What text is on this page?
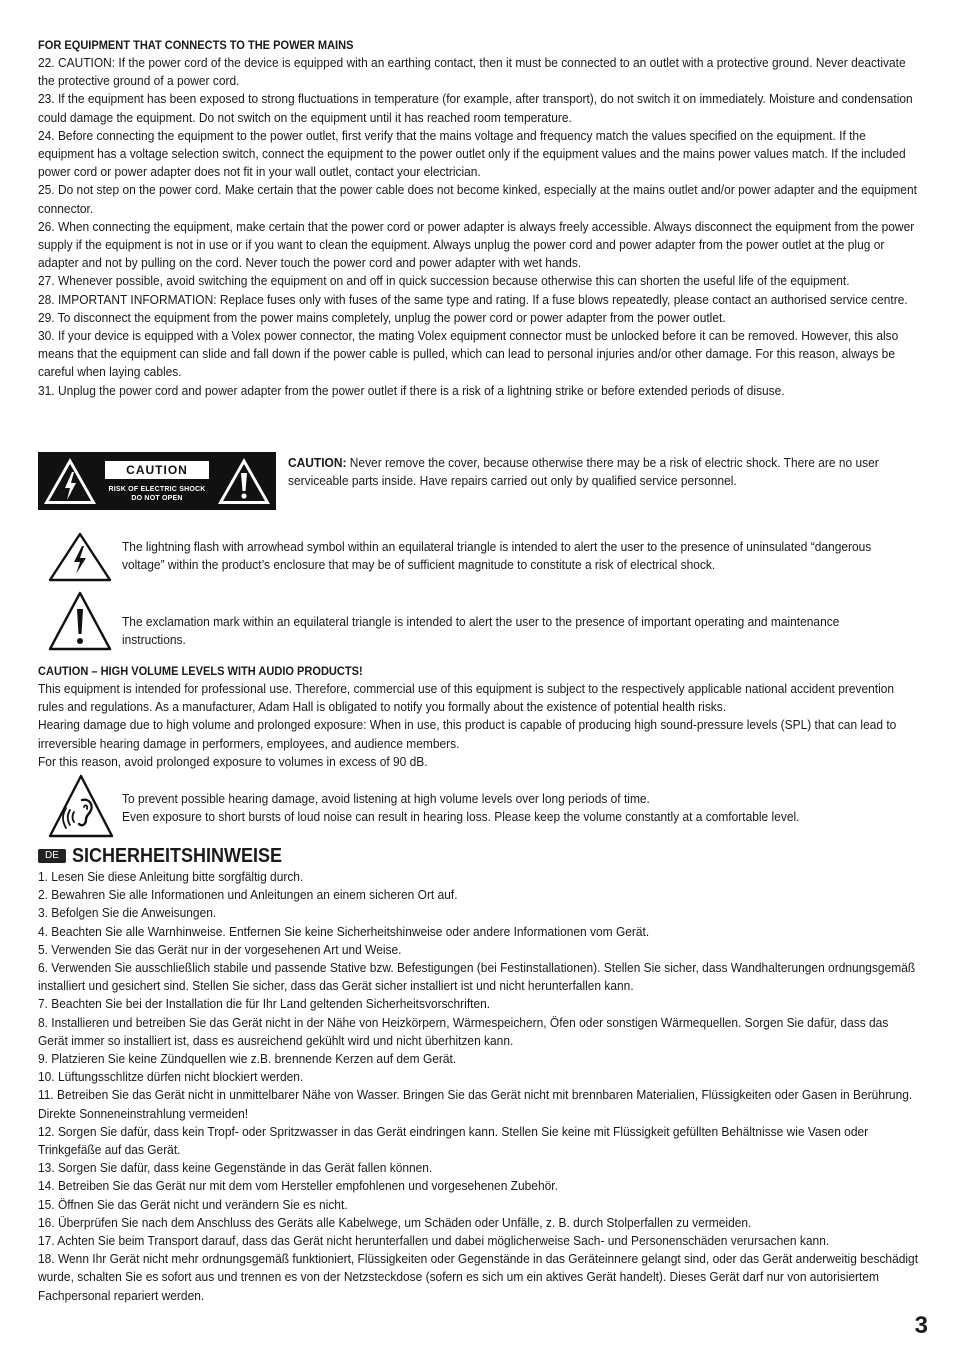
FOR EQUIPMENT THAT CONNECTS TO THE POWER MAINS

22. CAUTION: If the power cord of the device is equipped with an earthing contact, then it must be connected to an outlet with a protective ground. Never deactivate the protective ground of a power cord.

23. If the equipment has been exposed to strong fluctuations in temperature (for example, after transport), do not switch it on immediately. Moisture and condensation could damage the equipment. Do not switch on the equipment until it has reached room temperature.

24. Before connecting the equipment to the power outlet, first verify that the mains voltage and frequency match the values specified on the equipment. If the equipment has a voltage selection switch, connect the equipment to the power outlet only if the equipment values and the mains power values match. If the included power cord or power adapter does not fit in your wall outlet, contact your electrician.

25. Do not step on the power cord. Make certain that the power cable does not become kinked, especially at the mains outlet and/or power adapter and the equipment connector.

26. When connecting the equipment, make certain that the power cord or power adapter is always freely accessible. Always disconnect the equipment from the power supply if the equipment is not in use or if you want to clean the equipment. Always unplug the power cord and power adapter from the power outlet at the plug or adapter and not by pulling on the cord. Never touch the power cord and power adapter with wet hands.

27. Whenever possible, avoid switching the equipment on and off in quick succession because otherwise this can shorten the useful life of the equipment.

28. IMPORTANT INFORMATION: Replace fuses only with fuses of the same type and rating. If a fuse blows repeatedly, please contact an authorised service centre.

29. To disconnect the equipment from the power mains completely, unplug the power cord or power adapter from the power outlet.

30. If your device is equipped with a Volex power connector, the mating Volex equipment connector must be unlocked before it can be removed. However, this also means that the equipment can slide and fall down if the power cable is pulled, which can lead to personal injuries and/or other damage. For this reason, always be careful when laying cables.

31. Unplug the power cord and power adapter from the power outlet if there is a risk of a lightning strike or before extended periods of disuse.

CAUTION
RISK OF ELECTRIC SHOCK
DO NOT OPEN
CAUTION: Never remove the cover, because otherwise there may be a risk of electric shock. There are no user serviceable parts inside. Have repairs carried out only by qualified service personnel.
The lightning flash with arrowhead symbol within an equilateral triangle is intended to alert the user to the presence of uninsulated “dangerous voltage” within the product’s enclosure that may be of sufficient magnitude to constitute a risk of electrical shock.
The exclamation mark within an equilateral triangle is intended to alert the user to the presence of important operating and maintenance instructions.
CAUTION – HIGH VOLUME LEVELS WITH AUDIO PRODUCTS!

This equipment is intended for professional use. Therefore, commercial use of this equipment is subject to the respectively applicable national accident prevention rules and regulations. As a manufacturer, Adam Hall is obligated to notify you formally about the existence of potential health risks.

Hearing damage due to high volume and prolonged exposure: When in use, this product is capable of producing high sound-pressure levels (SPL) that can lead to irreversible hearing damage in performers, employees, and audience members.

For this reason, avoid prolonged exposure to volumes in excess of 90 dB.

To prevent possible hearing damage, avoid listening at high volume levels over long periods of time.

Even exposure to short bursts of loud noise can result in hearing loss. Please keep the volume constantly at a comfortable level.

DE SICHERHEITSHINWEISE

1. Lesen Sie diese Anleitung bitte sorgfältig durch.

2. Bewahren Sie alle Informationen und Anleitungen an einem sicheren Ort auf.

3. Befolgen Sie die Anweisungen.

4. Beachten Sie alle Warnhinweise. Entfernen Sie keine Sicherheitshinweise oder andere Informationen vom Gerät.

5. Verwenden Sie das Gerät nur in der vorgesehenen Art und Weise.

6. Verwenden Sie ausschließlich stabile und passende Stative bzw. Befestigungen (bei Festinstallationen). Stellen Sie sicher, dass Wandhalterungen ordnungsgemäß installiert und gesichert sind. Stellen Sie sicher, dass das Gerät sicher installiert ist und nicht herunterfallen kann.

7. Beachten Sie bei der Installation die für Ihr Land geltenden Sicherheitsvorschriften.

8. Installieren und betreiben Sie das Gerät nicht in der Nähe von Heizkörpern, Wärmespeichern, Öfen oder sonstigen Wärmequellen. Sorgen Sie dafür, dass das Gerät immer so installiert ist, dass es ausreichend gekühlt wird und nicht überhitzen kann.

9. Platzieren Sie keine Zündquellen wie z.B. brennende Kerzen auf dem Gerät.

10. Lüftungsschlitze dürfen nicht blockiert werden.

11. Betreiben Sie das Gerät nicht in unmittelbarer Nähe von Wasser. Bringen Sie das Gerät nicht mit brennbaren Materialien, Flüssigkeiten oder Gasen in Berührung. Direkte Sonneneinstrahlung vermeiden!

12. Sorgen Sie dafür, dass kein Tropf- oder Spritzwasser in das Gerät eindringen kann. Stellen Sie keine mit Flüssigkeit gefüllten Behältnisse wie Vasen oder Trinkgefäße auf das Gerät.

13. Sorgen Sie dafür, dass keine Gegenstände in das Gerät fallen können.

14. Betreiben Sie das Gerät nur mit dem vom Hersteller empfohlenen und vorgesehenen Zubehör.

15. Öffnen Sie das Gerät nicht und verändern Sie es nicht.

16. Überprüfen Sie nach dem Anschluss des Geräts alle Kabelwege, um Schäden oder Unfälle, z. B. durch Stolperfallen zu vermeiden.

17. Achten Sie beim Transport darauf, dass das Gerät nicht herunterfallen und dabei möglicherweise Sach- und Personenschäden verursachen kann.

18. Wenn Ihr Gerät nicht mehr ordnungsgemäß funktioniert, Flüssigkeiten oder Gegenstände in das Geräteinnere gelangt sind, oder das Gerät anderweitig beschädigt wurde, schalten Sie es sofort aus und trennen es von der Netzsteckdose (sofern es sich um ein aktives Gerät handelt). Dieses Gerät darf nur von autorisiertem Fachpersonal repariert werden.

3
